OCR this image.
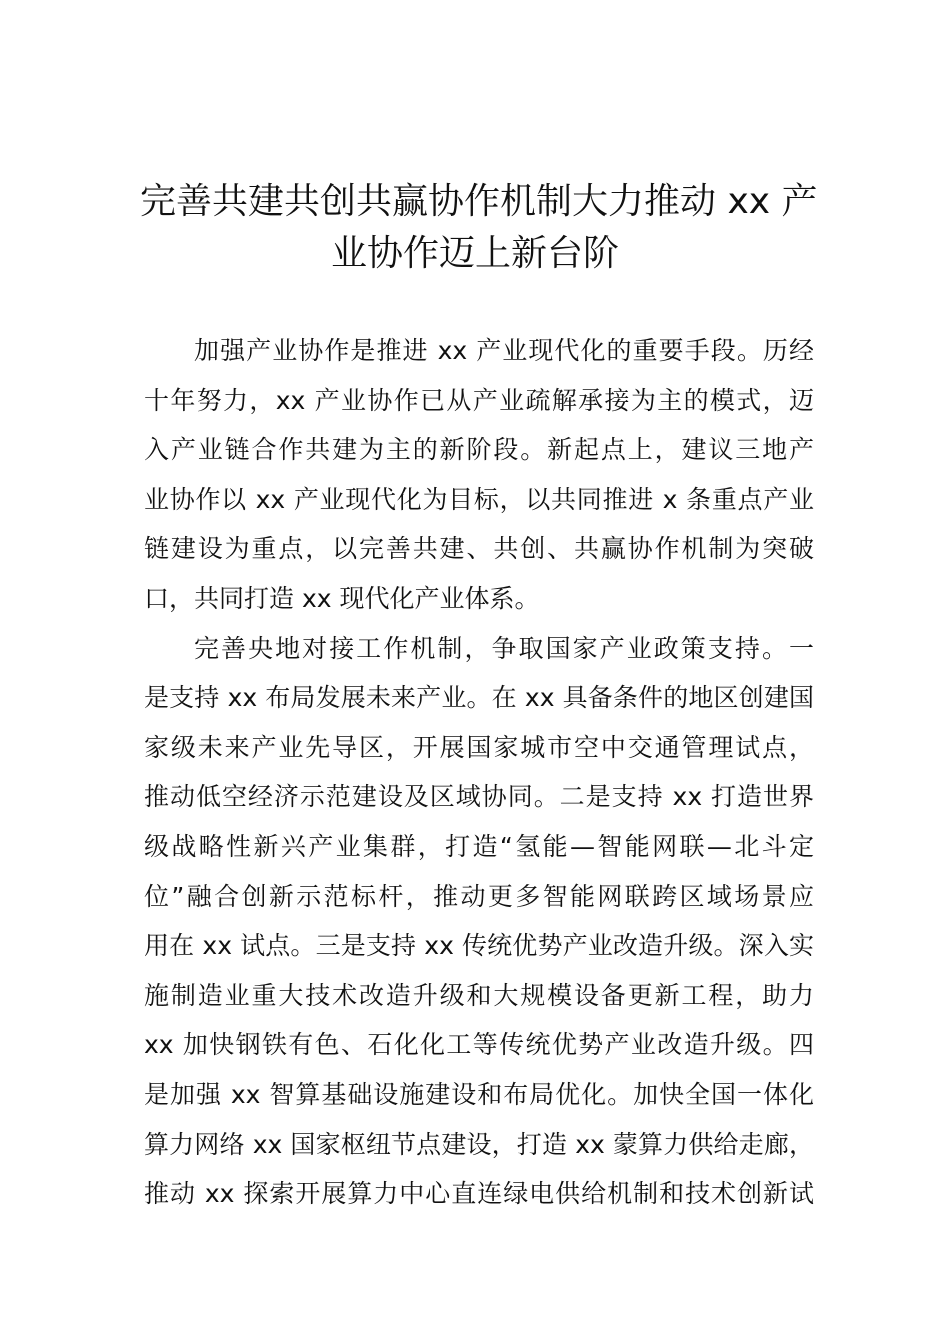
完善共建共创共赢协作机制大力推动 xx 产
业协作迈上新台阶
加强产业协作是推进 xx 产业现代化的重要手段。历经
十年努力，xx 产业协作已从产业疏解承接为主的模式，迈
入产业链合作共建为主的新阶段。新起点上，建议三地产
业协作以 xx 产业现代化为目标，以共同推进 x 条重点产业
链建设为重点，以完善共建、共创、共赢协作机制为突破
口，共同打造 xx 现代化产业体系。
完善央地对接工作机制，争取国家产业政策支持。一
是支持 xx 布局发展未来产业。在 xx 具备条件的地区创建国
家级未来产业先导区，开展国家城市空中交通管理试点，
推动低空经济示范建设及区域协同。二是支持 xx 打造世界
级战略性新兴产业集群，打造“氢能—智能网联—北斗定
位”融合创新示范标杆，推动更多智能网联跨区域场景应
用在 xx 试点。三是支持 xx 传统优势产业改造升级。深入实
施制造业重大技术改造升级和大规模设备更新工程，助力
xx 加快钢铁有色、石化化工等传统优势产业改造升级。四
是加强 xx 智算基础设施建设和布局优化。加快全国一体化
算力网络 xx 国家枢纽节点建设，打造 xx 蒙算力供给走廊，
推动 xx 探索开展算力中心直连绿电供给机制和技术创新试
